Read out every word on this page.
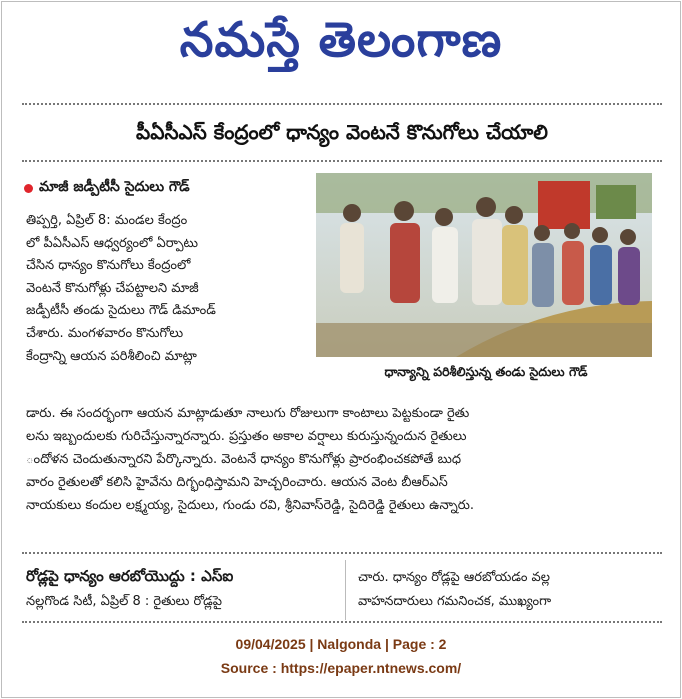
నమస్తే తెలంగాణ
పీఏసీఎస్ కేంద్రంలో ధాన్యం వెంటనే కొనుగోలు చేయాలి
మాజీ జడ్పీటీసీ సైదులు గౌడ్
తిప్పర్తి, ఏప్రిల్ 8: మండల కేంద్రం
లో పీఏసీఎస్ ఆధ్వర్యంలో ఏర్పాటు
చేసిన ధాన్యం కొనుగోలు కేంద్రంలో
వెంటనే కొనుగోళ్లు చేపట్టాలని మాజీ
జడ్పీటీసీ తండు సైదులు గౌడ్ డిమాండ్
చేశారు. మంగళవారం కొనుగోలు
కేంద్రాన్ని ఆయన పరిశీలించి మాట్లా
ధాన్యాన్ని పరిశీలిస్తున్న తండు సైదులు గౌడ్
డారు. ఈ సందర్భంగా ఆయన మాట్లాడుతూ నాలుగు రోజులుగా కాంటాలు పెట్టకుండా రైతు
లను ఇబ్బందులకు గురిచేస్తున్నారన్నారు. ప్రస్తుతం అకాల వర్షాలు కురుస్తున్నందున రైతులు
ందోళన చెందుతున్నారని పేర్కొన్నారు. వెంటనే ధాన్యం కొనుగోళ్లు ప్రారంభించకపోతే బుధ
వారం రైతులతో కలిసి హైవేను దిగ్భంధిస్తామని హెచ్చరించారు. ఆయన వెంట బీఆర్ఎస్
నాయకులు కందుల లక్ష్మయ్య, సైదులు, గుండు రవి, శ్రీనివాస్‌రెడ్డి, సైదిరెడ్డి రైతులు ఉన్నారు.
రోడ్లపై ధాన్యం ఆరబోయొద్దు : ఎస్ఐ
నల్లగొండ సిటీ, ఏప్రిల్ 8 : రైతులు రోడ్లపై
చారు. ధాన్యం రోడ్లపై ఆరబోయడం వల్ల
వాహనదారులు గమనించక, ముఖ్యంగా
09/04/2025 | Nalgonda | Page : 2
Source : https://epaper.ntnews.com/
